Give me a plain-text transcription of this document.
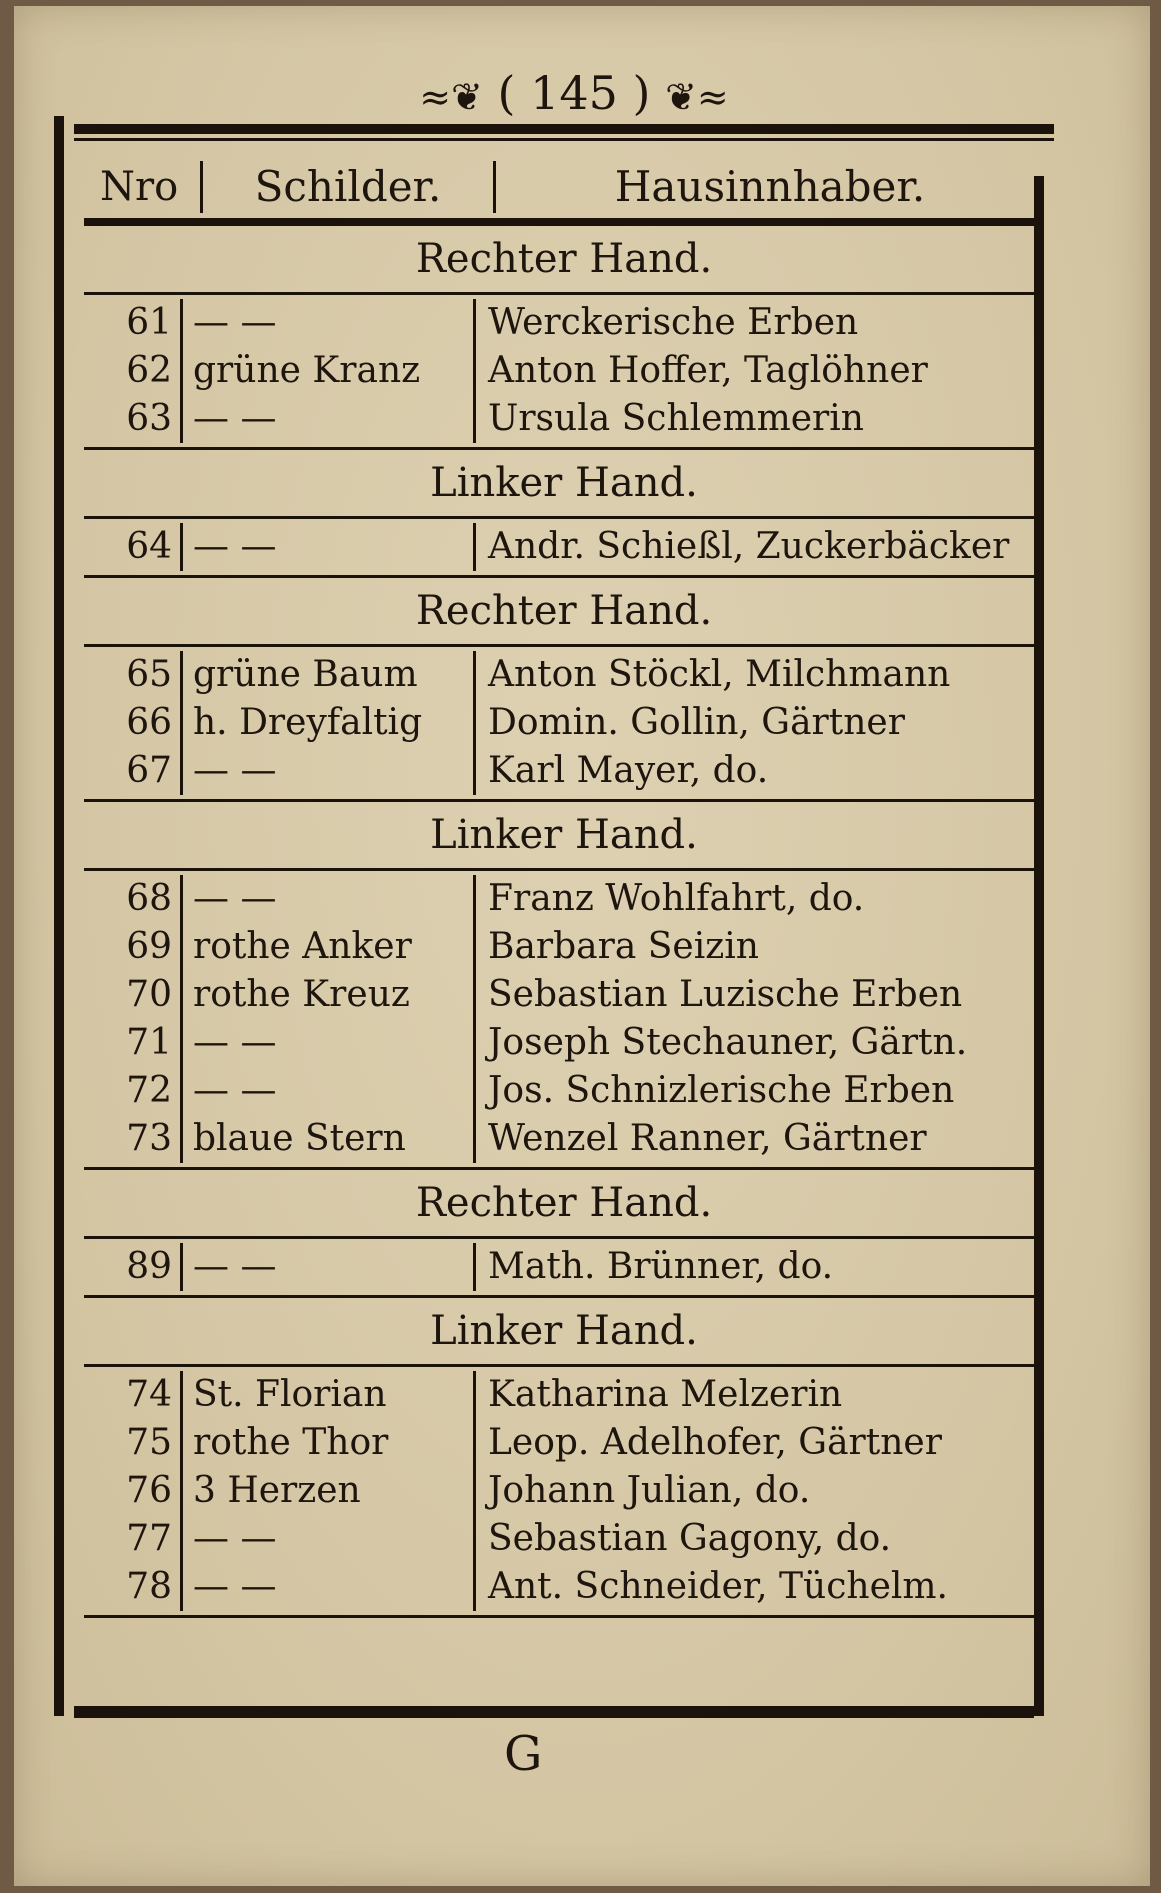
≈❦ ( 145 ) ❦≈
Nro	Schilder.	Hausinnhaber.
Rechter Hand.
61 — —	Werckerische Erben
62 grüne Kranz	Anton Hoffer, Taglöhner
63 — —	Ursula Schlemmerin
Linker Hand.
64 — —	Andr. Schießl, Zuckerbäcker
Rechter Hand.
65 grüne Baum	Anton Stöckl, Milchmann
66 h. Dreyfaltig	Domin. Gollin, Gärtner
67 — —	Karl Mayer, do.
Linker Hand.
68 — —	Franz Wohlfahrt, do.
69 rothe Anker	Barbara Seizin
70 rothe Kreuz	Sebastian Luzische Erben
71 — —	Joseph Stechauner, Gärtn.
72 — —	Jos. Schnizlerische Erben
73 blaue Stern	Wenzel Ranner, Gärtner
Rechter Hand.
89 — —	Math. Brünner, do.
Linker Hand.
74 St. Florian	Katharina Melzerin
75 rothe Thor	Leop. Adelhofer, Gärtner
76 3 Herzen	Johann Julian, do.
77 — —	Sebastian Gagony, do.
78 — —	Ant. Schneider, Tüchelm.
G
